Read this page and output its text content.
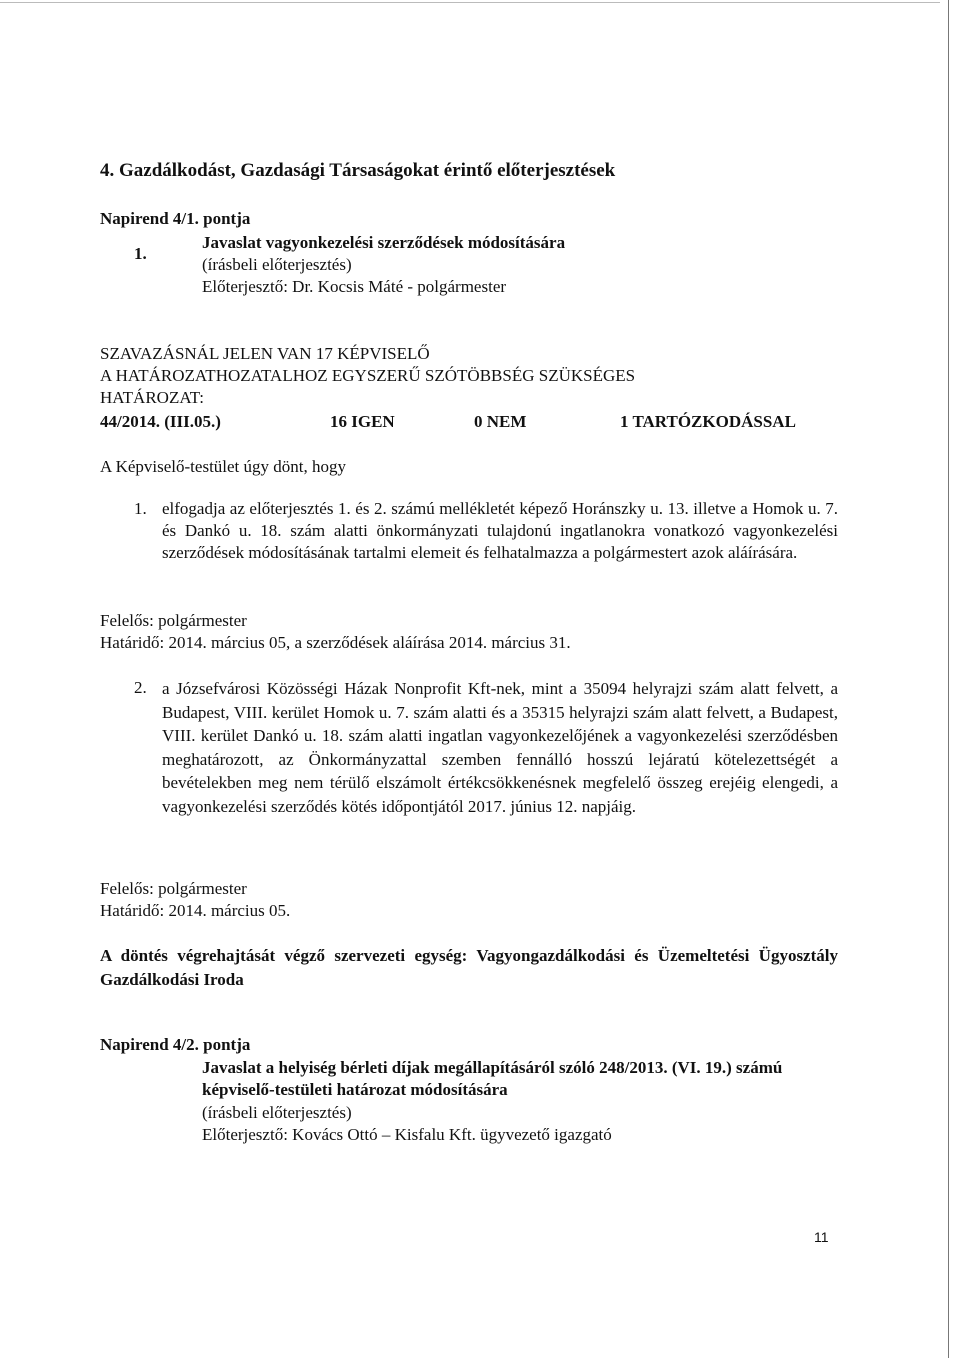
4. Gazdálkodást, Gazdasági Társaságokat érintő előterjesztések
Napirend 4/1. pontja
1.
Javaslat vagyonkezelési szerződések módosítására
(írásbeli előterjesztés)
Előterjesztő: Dr. Kocsis Máté - polgármester
SZAVAZÁSNÁL JELEN VAN 17 KÉPVISELŐ
A HATÁROZATHOZATALHOZ EGYSZERŰ SZÓTÖBBSÉG SZÜKSÉGES
HATÁROZAT:
44/2014. (III.05.)	16 IGEN	0 NEM	1 TARTÓZKODÁSSAL
A Képviselő-testület úgy dönt, hogy
1. elfogadja az előterjesztés 1. és 2. számú mellékletét képező Horánszky u. 13. illetve a Homok u. 7. és Dankó u. 18. szám alatti önkormányzati tulajdonú ingatlanokra vonatkozó vagyonkezelési szerződések módosításának tartalmi elemeit és felhatalmazza a polgármestert azok aláírására.
Felelős: polgármester
Határidő: 2014. március 05, a szerződések aláírása 2014. március 31.
2. a Józsefvárosi Közösségi Házak Nonprofit Kft-nek, mint a 35094 helyrajzi szám alatt felvett, a Budapest, VIII. kerület Homok u. 7. szám alatti és a 35315 helyrajzi szám alatt felvett, a Budapest, VIII. kerület Dankó u. 18. szám alatti ingatlan vagyonkezelőjének a vagyonkezelési szerződésben meghatározott, az Önkormányzattal szemben fennálló hosszú lejáratú kötelezettségét a bevételekben meg nem térülő elszámolt értékcsökkenésnek megfelelő összeg erejéig elengedi, a vagyonkezelési szerződés kötés időpontjától 2017. június 12. napjáig.
Felelős: polgármester
Határidő: 2014. március 05.
A döntés végrehajtását végző szervezeti egység: Vagyongazdálkodási és Üzemeltetési Ügyosztály Gazdálkodási Iroda
Napirend 4/2. pontja
Javaslat a helyiség bérleti díjak megállapításáról szóló 248/2013. (VI. 19.) számú képviselő-testületi határozat módosítására
(írásbeli előterjesztés)
Előterjesztő: Kovács Ottó – Kisfalu Kft. ügyvezető igazgató
11
